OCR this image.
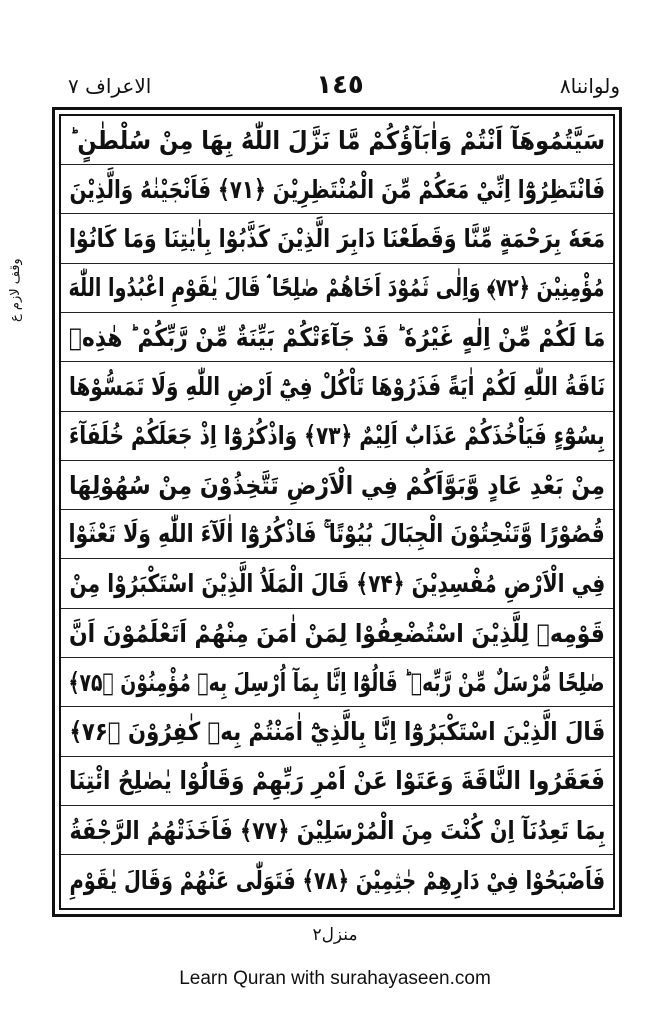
الاعراف ۷	١٤٥	ولواننا۸
وقف لازم ع
سَيَّتُمُوهَآ اَنْتُمْ وَاٰبَآؤُكُمْ مَّا نَزَّلَ اللّٰهُ بِهَا مِنْ سُلْطٰنٍ ؕ
فَانْتَظِرُوْٓا اِنِّيْ مَعَكُمْ مِّنَ الْمُنْتَظِرِيْنَ ﴿۷۱﴾ فَاَنْجَيْنٰهُ وَالَّذِيْنَ
مَعَهٗ بِرَحْمَةٍ مِّنَّا وَقَطَعْنَا دَابِرَ الَّذِيْنَ كَذَّبُوْا بِاٰيٰتِنَا وَمَا كَانُوْا
مُؤْمِنِيْنَ ﴿۷۲﴾ وَاِلٰى ثَمُوْدَ اَخَاهُمْ صٰلِحًا ۘ قَالَ يٰقَوْمِ اعْبُدُوا اللّٰهَ
مَا لَكُمْ مِّنْ اِلٰهٍ غَيْرُهٗ ؕ قَدْ جَآءَتْكُمْ بَيِّنَةٌ مِّنْ رَّبِّكُمْ ؕ هٰذِهٖ
نَاقَةُ اللّٰهِ لَكُمْ اٰيَةً فَذَرُوْهَا تَاْكُلْ فِيْٓ اَرْضِ اللّٰهِ وَلَا تَمَسُّوْهَا
بِسُوْٓءٍ فَيَاْخُذَكُمْ عَذَابٌ اَلِيْمٌ ﴿۷۳﴾ وَاذْكُرُوْٓا اِذْ جَعَلَكُمْ خُلَفَآءَ
مِنْ بَعْدِ عَادٍ وَّبَوَّاَكُمْ فِي الْاَرْضِ تَتَّخِذُوْنَ مِنْ سُهُوْلِهَا
قُصُوْرًا وَّتَنْحِتُوْنَ الْجِبَالَ بُيُوْتًا ۚ فَاذْكُرُوْٓا اٰلَآءَ اللّٰهِ وَلَا تَعْثَوْا
فِي الْاَرْضِ مُفْسِدِيْنَ ﴿۷۴﴾ قَالَ الْمَلَاُ الَّذِيْنَ اسْتَكْبَرُوْا مِنْ
قَوْمِهٖ لِلَّذِيْنَ اسْتُضْعِفُوْا لِمَنْ اٰمَنَ مِنْهُمْ اَتَعْلَمُوْنَ اَنَّ
صٰلِحًا مُّرْسَلٌ مِّنْ رَّبِّهٖ ؕ قَالُوْٓا اِنَّا بِمَآ اُرْسِلَ بِهٖ مُؤْمِنُوْنَ ﴿۷۵﴾
قَالَ الَّذِيْنَ اسْتَكْبَرُوْٓا اِنَّا بِالَّذِيْٓ اٰمَنْتُمْ بِهٖ كٰفِرُوْنَ ﴿۷۶﴾
فَعَقَرُوا النَّاقَةَ وَعَتَوْا عَنْ اَمْرِ رَبِّهِمْ وَقَالُوْا يٰصٰلِحُ ائْتِنَا
بِمَا تَعِدُنَآ اِنْ كُنْتَ مِنَ الْمُرْسَلِيْنَ ﴿۷۷﴾ فَاَخَذَتْهُمُ الرَّجْفَةُ
فَاَصْبَحُوْا فِيْ دَارِهِمْ جٰثِمِيْنَ ﴿۷۸﴾ فَتَوَلّٰى عَنْهُمْ وَقَالَ يٰقَوْمِ
منزل۲
Learn Quran with surahayaseen.com
